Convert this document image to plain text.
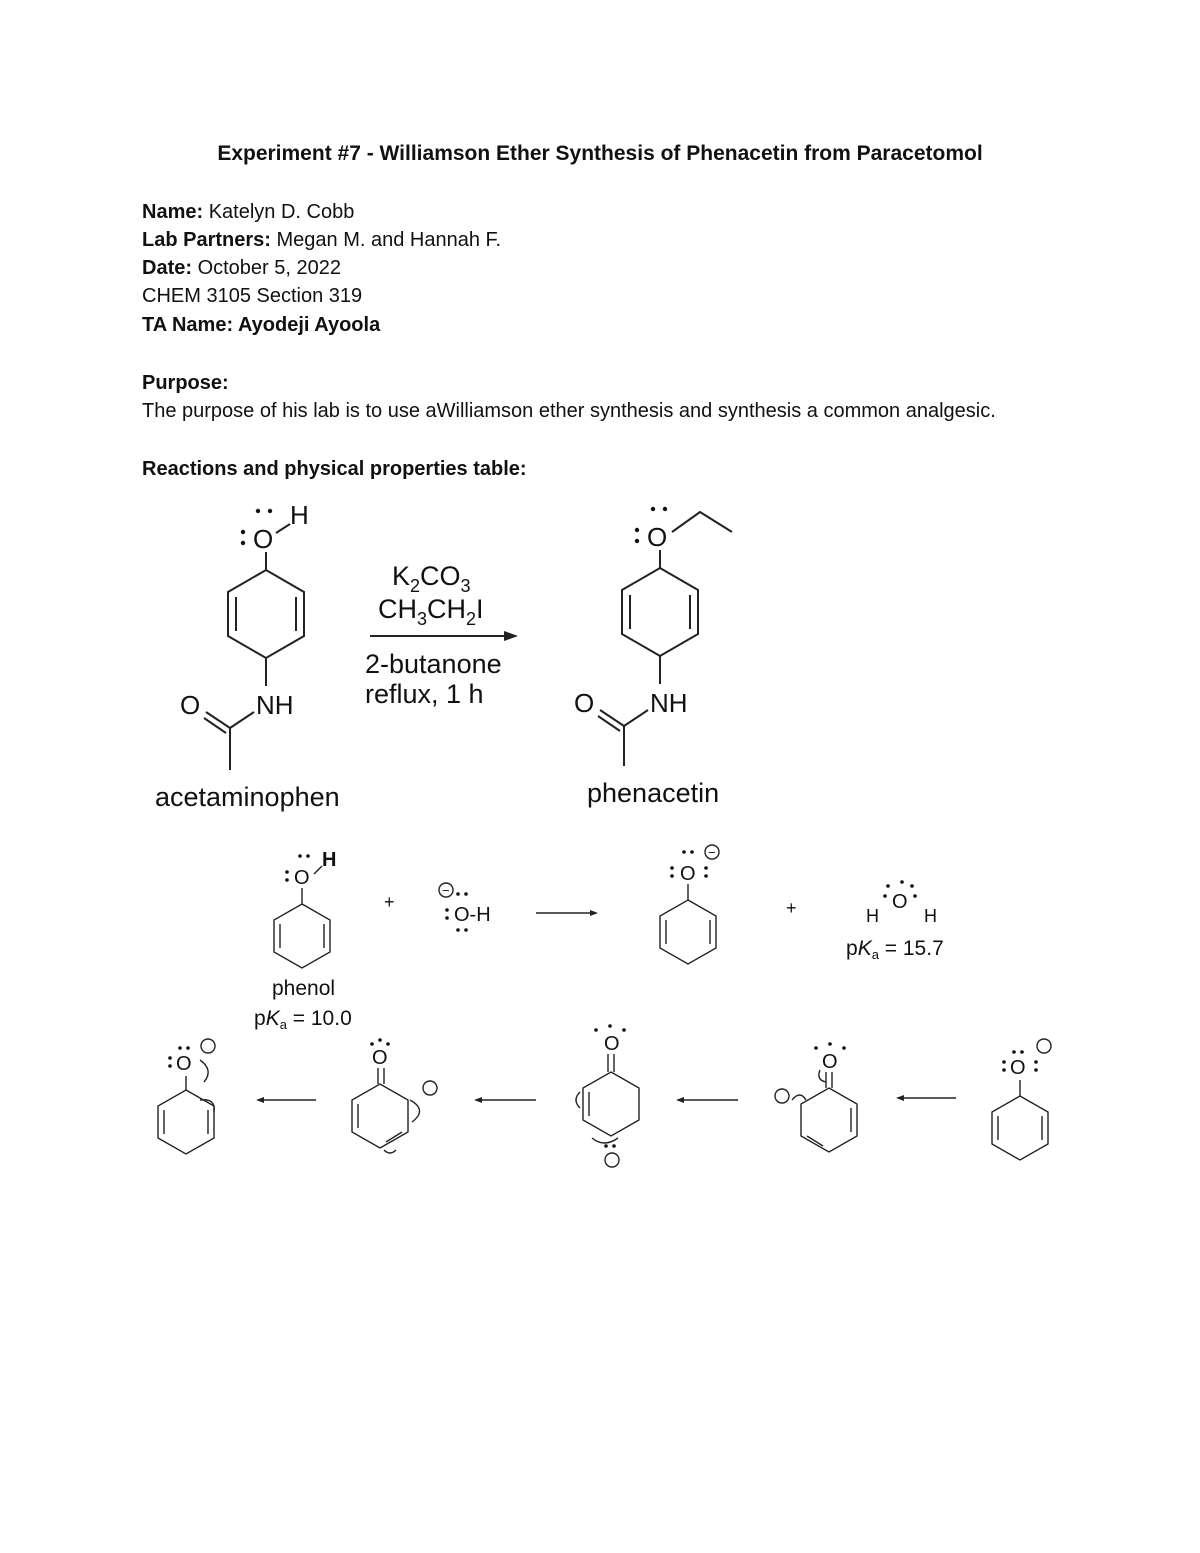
Experiment #7 - Williamson Ether Synthesis of Phenacetin from Paracetomol
Name: Katelyn D. Cobb
Lab Partners: Megan M. and Hannah F.
Date: October 5, 2022
CHEM 3105 Section 319
TA Name: Ayodeji Ayoola
Purpose:
The purpose of his lab is to use aWilliamson ether synthesis and synthesis a common analgesic.
Reactions and physical properties table:
O
H
NH
O
acetaminophen
$K_2CO_3$
$CH_3CH_2I$
2-butanone
reflux, 1 h
O
NH
O
phenacetin
O
H
phenol
pKa = 10.0
+
−
O-H
O
−
+	O
H	H
pKa = 15.7
O	O
O
O	O
